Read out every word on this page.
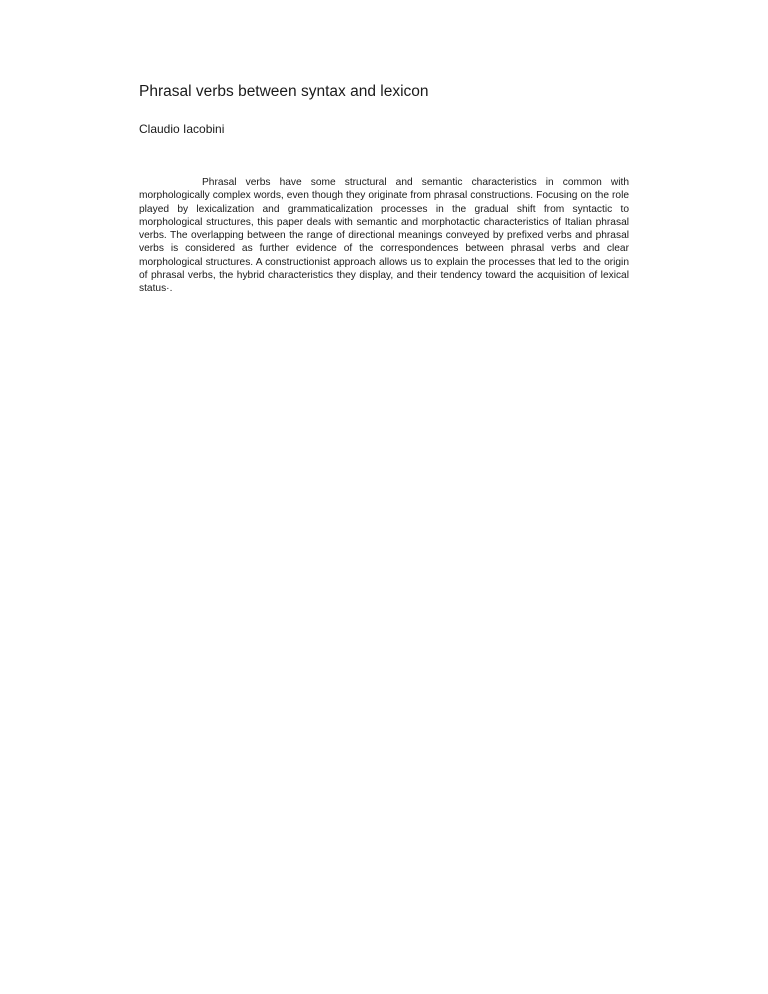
Phrasal verbs between syntax and lexicon

Claudio Iacobini

Phrasal verbs have some structural and semantic characteristics in common with morphologically complex words, even though they originate from phrasal constructions. Focusing on the role played by lexicalization and grammaticalization processes in the gradual shift from syntactic to morphological structures, this paper deals with semantic and morphotactic characteristics of Italian phrasal verbs. The overlapping between the range of directional meanings conveyed by prefixed verbs and phrasal verbs is considered as further evidence of the correspondences between phrasal verbs and clear morphological structures. A constructionist approach allows us to explain the processes that led to the origin of phrasal verbs, the hybrid characteristics they display, and their tendency toward the acquisition of lexical status·.
